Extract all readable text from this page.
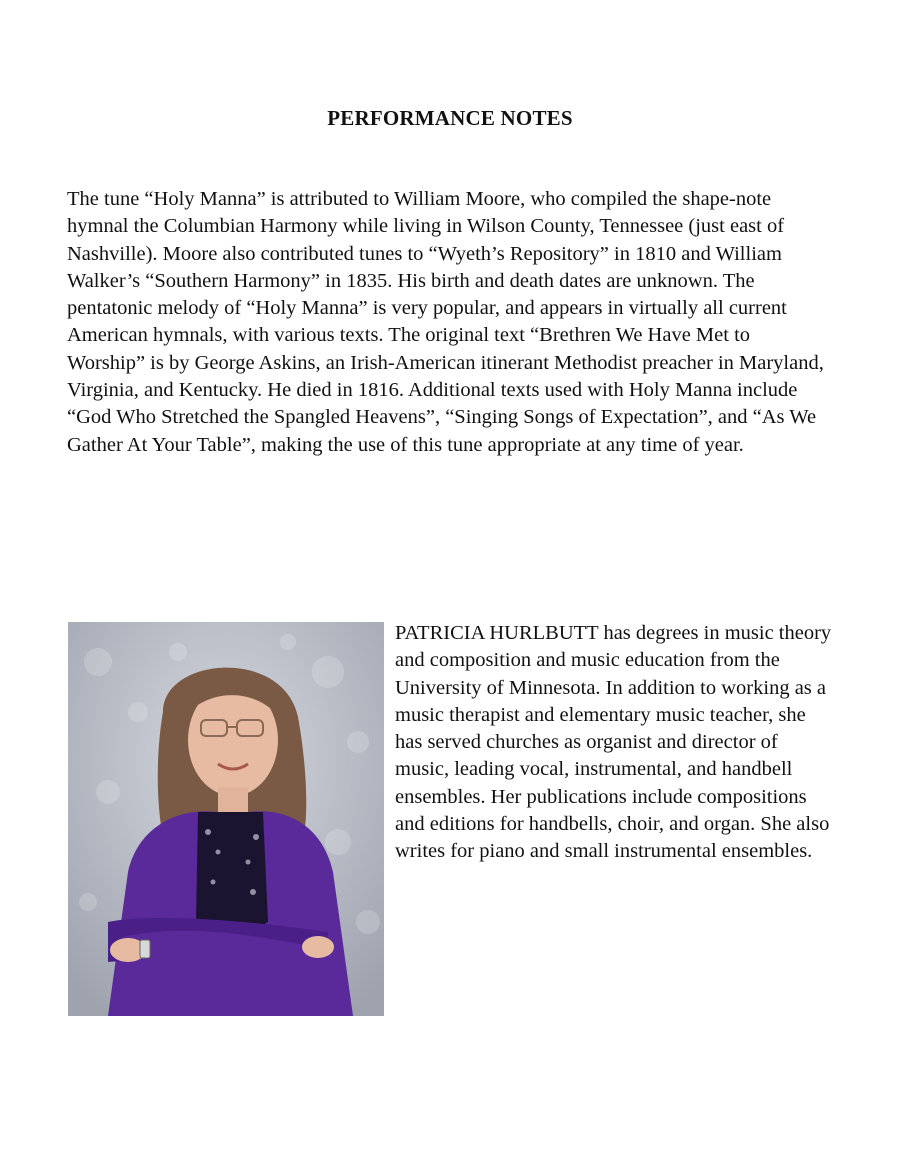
PERFORMANCE NOTES

The tune “Holy Manna” is attributed to William Moore, who compiled the shape-note hymnal the Columbian Harmony while living in Wilson County, Tennessee (just east of Nashville). Moore also contributed tunes to “Wyeth’s Repository” in 1810 and William Walker’s “Southern Harmony” in 1835. His birth and death dates are unknown. The pentatonic melody of “Holy Manna” is very popular, and appears in virtually all current American hymnals, with various texts. The original text “Brethren We Have Met to Worship” is by George Askins, an Irish-American itinerant Methodist preacher in Maryland, Virginia, and Kentucky. He died in 1816. Additional texts used with Holy Manna include “God Who Stretched the Spangled Heavens”, “Singing Songs of Expectation”, and “As We Gather At Your Table”, making the use of this tune appropriate at any time of year.

PATRICIA HURLBUTT has degrees in music theory and composition and music education from the University of Minnesota. In addition to working as a music therapist and elementary music teacher, she has served churches as organist and director of music, leading vocal, instrumental, and handbell ensembles. Her publications include compositions and editions for handbells, choir, and organ. She also writes for piano and small instrumental ensembles.
